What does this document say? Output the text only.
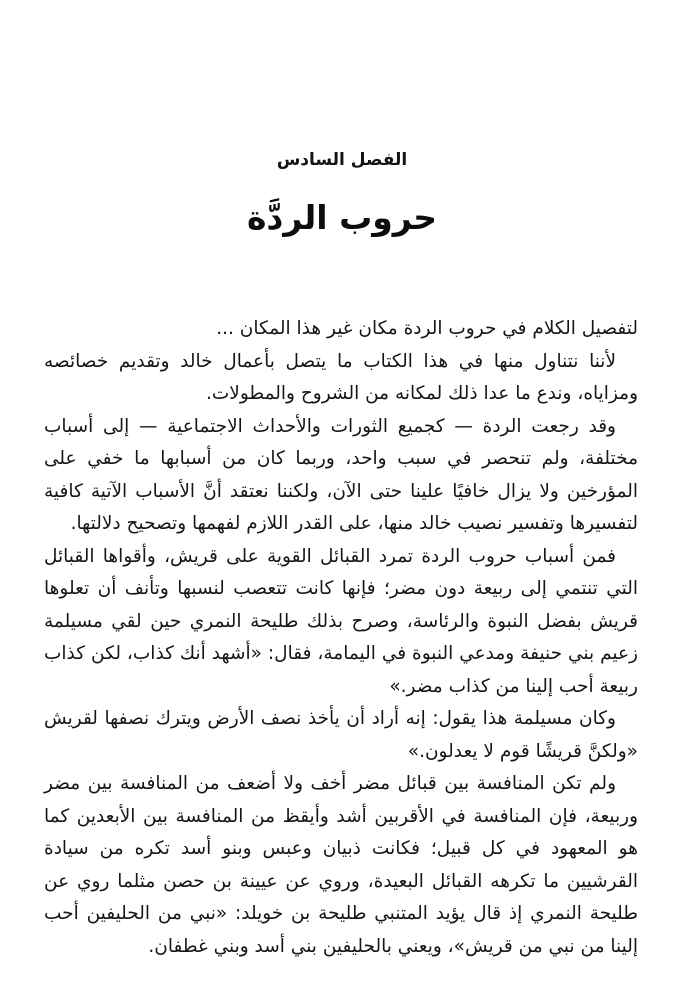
الفصل السادس
حروب الردَّة

لتفصيل الكلام في حروب الردة مكان غير هذا المكان ...

لأننا نتناول منها في هذا الكتاب ما يتصل بأعمال خالد وتقديم خصائصه ومزاياه، وندع ما عدا ذلك لمكانه من الشروح والمطولات.

وقد رجعت الردة — كجميع الثورات والأحداث الاجتماعية — إلى أسباب مختلفة، ولم تنحصر في سبب واحد، وربما كان من أسبابها ما خفي على المؤرخين ولا يزال خافيًا علينا حتى الآن، ولكننا نعتقد أنَّ الأسباب الآتية كافية لتفسيرها وتفسير نصيب خالد منها، على القدر اللازم لفهمها وتصحيح دلالتها.

فمن أسباب حروب الردة تمرد القبائل القوية على قريش، وأقواها القبائل التي تنتمي إلى ربيعة دون مضر؛ فإنها كانت تتعصب لنسبها وتأنف أن تعلوها قريش بفضل النبوة والرئاسة، وصرح بذلك طليحة النمري حين لقي مسيلمة زعيم بني حنيفة ومدعي النبوة في اليمامة، فقال: «أشهد أنك كذاب، لكن كذاب ربيعة أحب إلينا من كذاب مضر.»

وكان مسيلمة هذا يقول: إنه أراد أن يأخذ نصف الأرض ويترك نصفها لقريش «ولكنَّ قريشًا قوم لا يعدلون.»

ولم تكن المنافسة بين قبائل مضر أخف ولا أضعف من المنافسة بين مضر وربيعة، فإن المنافسة في الأقربين أشد وأيقظ من المنافسة بين الأبعدين كما هو المعهود في كل قبيل؛ فكانت ذبيان وعبس وبنو أسد تكره من سيادة القرشيين ما تكرهه القبائل البعيدة، وروي عن عيينة بن حصن مثلما روي عن طليحة النمري إذ قال يؤيد المتنبي طليحة بن خويلد: «نبي من الحليفين أحب إلينا من نبي من قريش»، ويعني بالحليفين بني أسد وبني غطفان.
